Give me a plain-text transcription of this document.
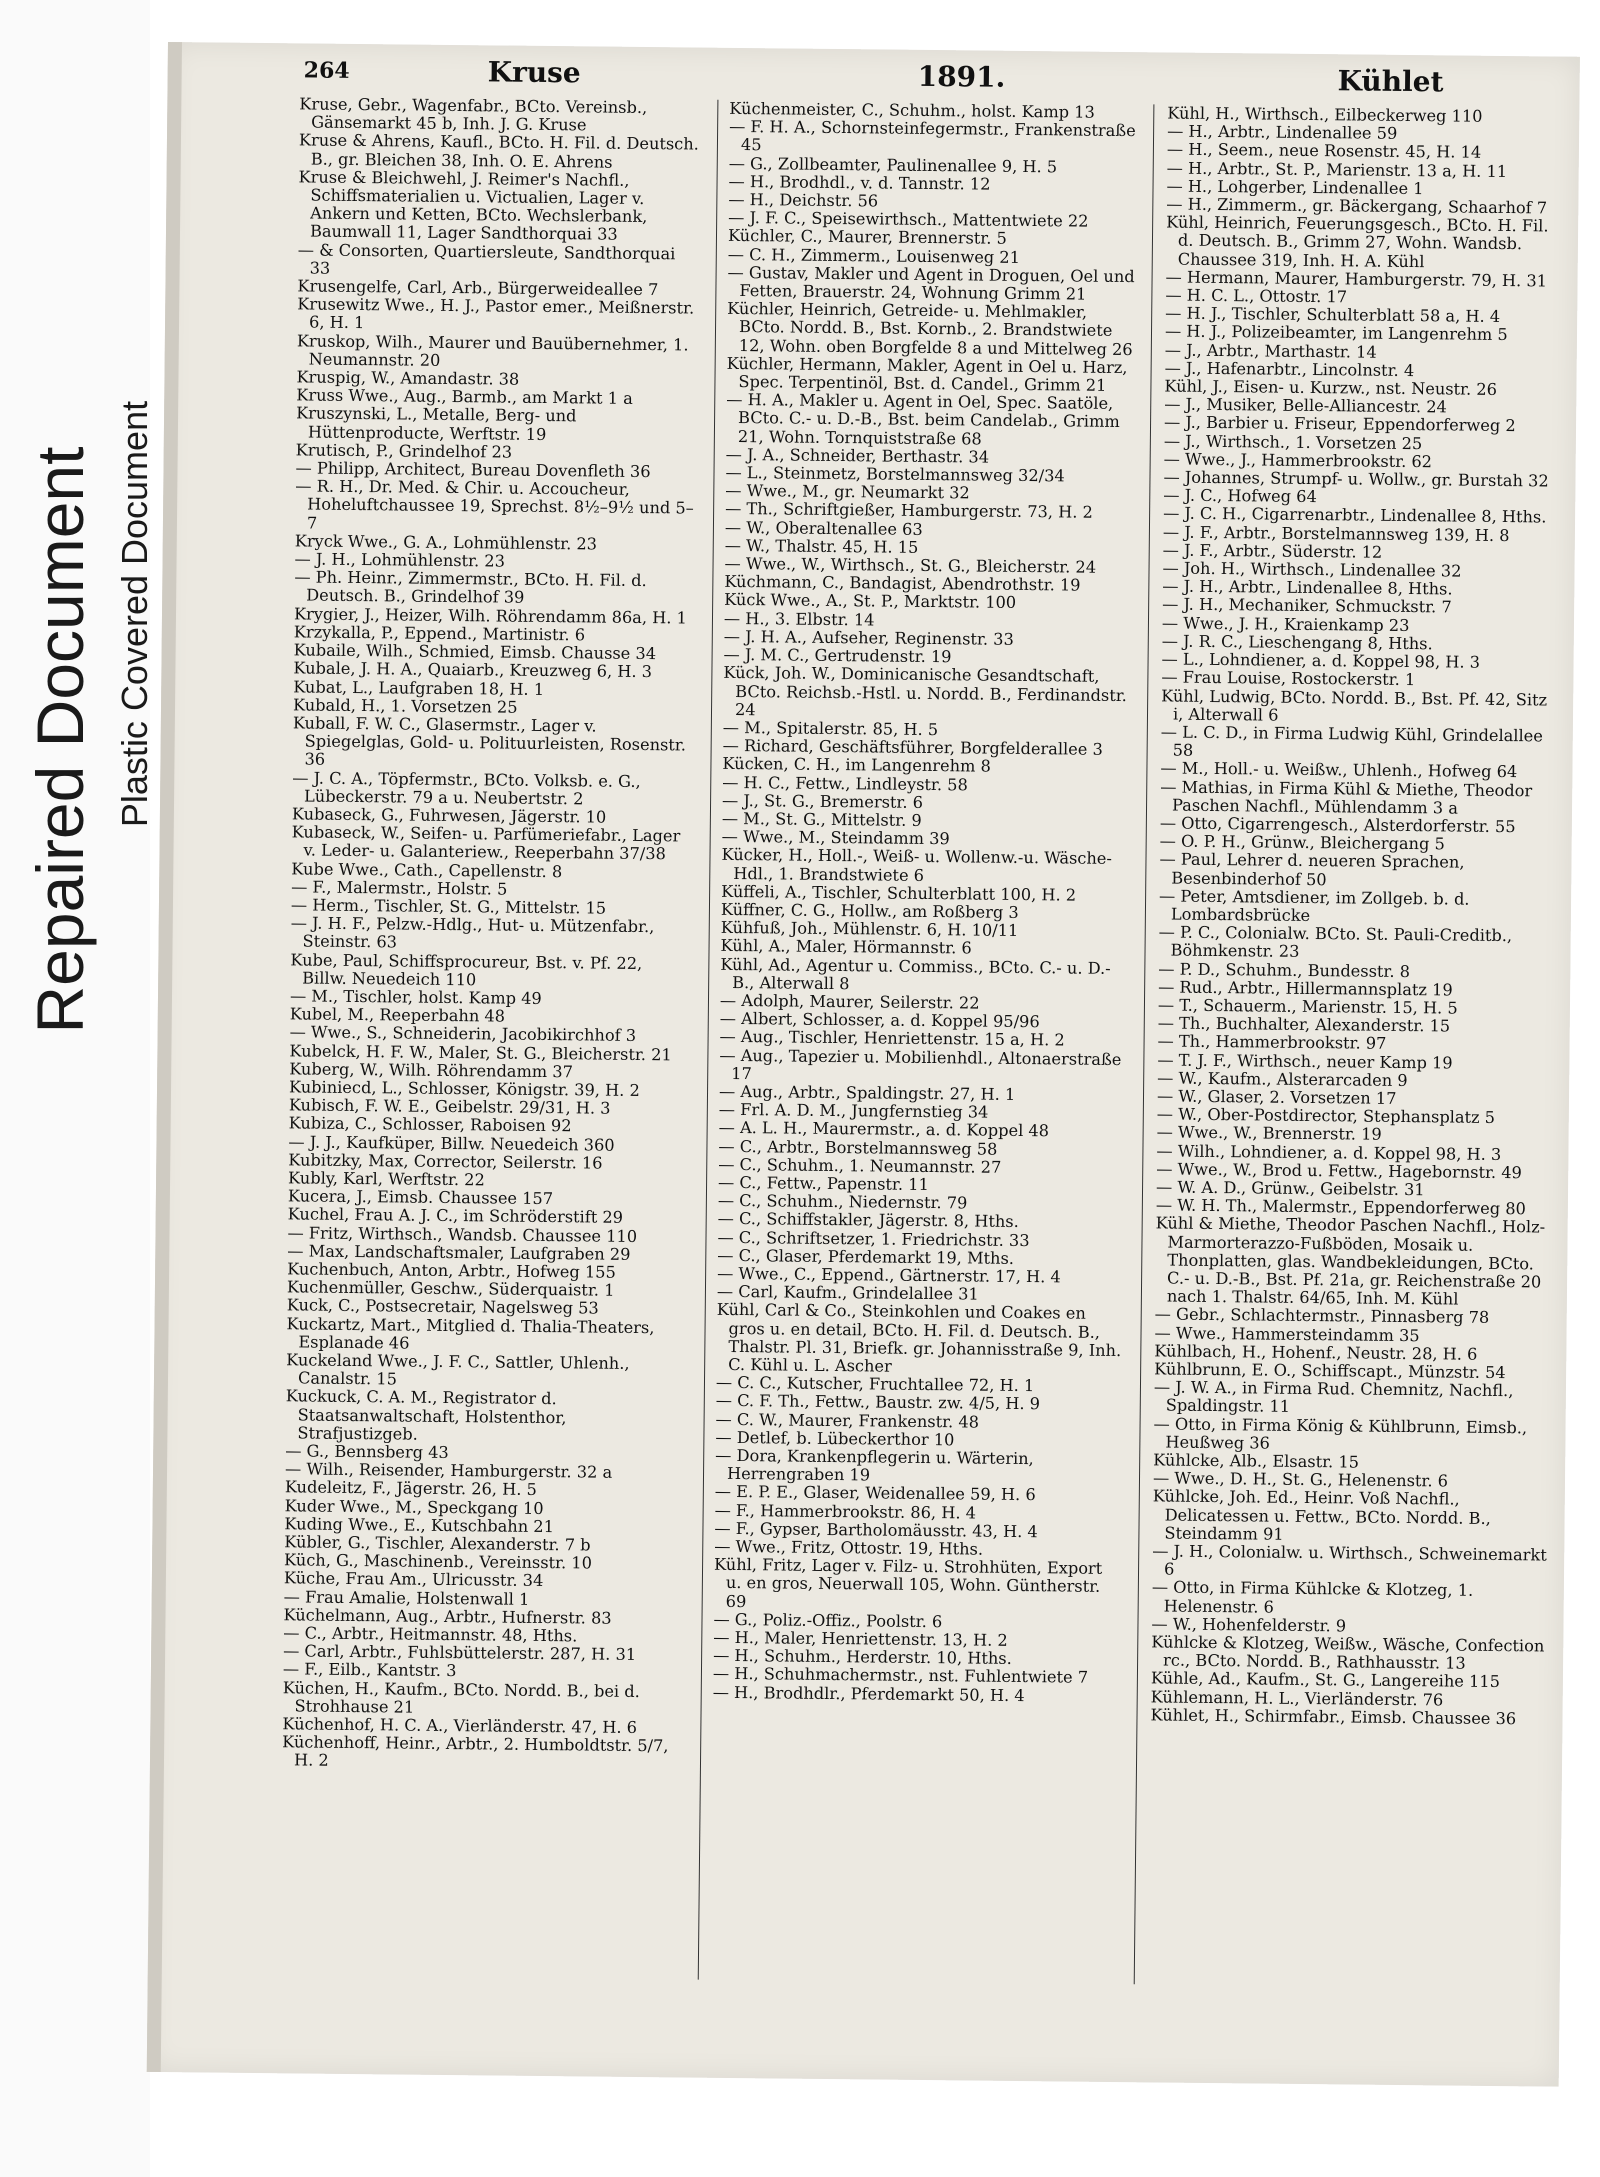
Repaired Document Plastic Covered Document
264	Kruse	1891.	Kühlet

Kruse, Gebr., Wagenfabr., BCto. Vereinsb., Gänsemarkt 45 b, Inh. J. G. Kruse

Kruse & Ahrens, Kaufl., BCto. H. Fil. d. Deutsch. B., gr. Bleichen 38, Inh. O. E. Ahrens

Kruse & Bleichwehl, J. Reimer's Nachfl., Schiffsmaterialien u. Victualien, Lager v. Ankern und Ketten, BCto. Wechslerbank, Baumwall 11, Lager Sandthorquai 33

— & Consorten, Quartiersleute, Sandthorquai 33

Krusengelfe, Carl, Arb., Bürgerweideallee 7

Krusewitz Wwe., H. J., Pastor emer., Meißnerstr. 6, H. 1

Kruskop, Wilh., Maurer und Bauübernehmer, 1. Neumannstr. 20

Kruspig, W., Amandastr. 38

Kruss Wwe., Aug., Barmb., am Markt 1 a

Kruszynski, L., Metalle, Berg- und Hüttenproducte, Werftstr. 19

Krutisch, P., Grindelhof 23

— Philipp, Architect, Bureau Dovenfleth 36

— R. H., Dr. Med. & Chir. u. Accoucheur, Hoheluftchaussee 19, Sprechst. 8½–9½ und 5–7

Kryck Wwe., G. A., Lohmühlenstr. 23

— J. H., Lohmühlenstr. 23

— Ph. Heinr., Zimmermstr., BCto. H. Fil. d. Deutsch. B., Grindelhof 39

Krygier, J., Heizer, Wilh. Röhrendamm 86a, H. 1

Krzykalla, P., Eppend., Martinistr. 6

Kubaile, Wilh., Schmied, Eimsb. Chausse 34

Kubale, J. H. A., Quaiarb., Kreuzweg 6, H. 3

Kubat, L., Laufgraben 18, H. 1

Kubald, H., 1. Vorsetzen 25

Kuball, F. W. C., Glasermstr., Lager v. Spiegelglas, Gold- u. Polituurleisten, Rosenstr. 36

— J. C. A., Töpfermstr., BCto. Volksb. e. G., Lübeckerstr. 79 a u. Neubertstr. 2

Kubaseck, G., Fuhrwesen, Jägerstr. 10

Kubaseck, W., Seifen- u. Parfümeriefabr., Lager v. Leder- u. Galanteriew., Reeperbahn 37/38

Kube Wwe., Cath., Capellenstr. 8

— F., Malermstr., Holstr. 5

— Herm., Tischler, St. G., Mittelstr. 15

— J. H. F., Pelzw.-Hdlg., Hut- u. Mützenfabr., Steinstr. 63

Kube, Paul, Schiffsprocureur, Bst. v. Pf. 22, Billw. Neuedeich 110

— M., Tischler, holst. Kamp 49

Kubel, M., Reeperbahn 48

— Wwe., S., Schneiderin, Jacobikirchhof 3

Kubelck, H. F. W., Maler, St. G., Bleicherstr. 21

Kuberg, W., Wilh. Röhrendamm 37

Kubiniecd, L., Schlosser, Königstr. 39, H. 2

Kubisch, F. W. E., Geibelstr. 29/31, H. 3

Kubiza, C., Schlosser, Raboisen 92

— J. J., Kaufküper, Billw. Neuedeich 360

Kubitzky, Max, Corrector, Seilerstr. 16

Kubly, Karl, Werftstr. 22

Kucera, J., Eimsb. Chaussee 157

Kuchel, Frau A. J. C., im Schröderstift 29

— Fritz, Wirthsch., Wandsb. Chaussee 110

— Max, Landschaftsmaler, Laufgraben 29

Kuchenbuch, Anton, Arbtr., Hofweg 155

Kuchenmüller, Geschw., Süderquaistr. 1

Kuck, C., Postsecretair, Nagelsweg 53

Kuckartz, Mart., Mitglied d. Thalia-Theaters, Esplanade 46

Kuckeland Wwe., J. F. C., Sattler, Uhlenh., Canalstr. 15

Kuckuck, C. A. M., Registrator d. Staatsanwaltschaft, Holstenthor, Strafjustizgeb.

— G., Bennsberg 43

— Wilh., Reisender, Hamburgerstr. 32 a

Kudeleitz, F., Jägerstr. 26, H. 5

Kuder Wwe., M., Speckgang 10

Kuding Wwe., E., Kutschbahn 21

Kübler, G., Tischler, Alexanderstr. 7 b

Küch, G., Maschinenb., Vereinsstr. 10

Küche, Frau Am., Ulricusstr. 34

— Frau Amalie, Holstenwall 1

Küchelmann, Aug., Arbtr., Hufnerstr. 83

— C., Arbtr., Heitmannstr. 48, Hths.

— Carl, Arbtr., Fuhlsbüttelerstr. 287, H. 31

— F., Eilb., Kantstr. 3

Küchen, H., Kaufm., BCto. Nordd. B., bei d. Strohhause 21

Küchenhof, H. C. A., Vierländerstr. 47, H. 6

Küchenhoff, Heinr., Arbtr., 2. Humboldtstr. 5/7, H. 2

Küchenmeister, C., Schuhm., holst. Kamp 13

— F. H. A., Schornsteinfegermstr., Frankenstraße 45

— G., Zollbeamter, Paulinenallee 9, H. 5

— H., Brodhdl., v. d. Tannstr. 12

— H., Deichstr. 56

— J. F. C., Speisewirthsch., Mattentwiete 22

Küchler, C., Maurer, Brennerstr. 5

— C. H., Zimmerm., Louisenweg 21

— Gustav, Makler und Agent in Droguen, Oel und Fetten, Brauerstr. 24, Wohnung Grimm 21

Küchler, Heinrich, Getreide- u. Mehlmakler, BCto. Nordd. B., Bst. Kornb., 2. Brandstwiete 12, Wohn. oben Borgfelde 8 a und Mittelweg 26

Küchler, Hermann, Makler, Agent in Oel u. Harz, Spec. Terpentinöl, Bst. d. Candel., Grimm 21

— H. A., Makler u. Agent in Oel, Spec. Saatöle, BCto. C.- u. D.-B., Bst. beim Candelab., Grimm 21, Wohn. Tornquiststraße 68

— J. A., Schneider, Berthastr. 34

— L., Steinmetz, Borstelmannsweg 32/34

— Wwe., M., gr. Neumarkt 32

— Th., Schriftgießer, Hamburgerstr. 73, H. 2

— W., Oberaltenallee 63

— W., Thalstr. 45, H. 15

— Wwe., W., Wirthsch., St. G., Bleicherstr. 24

Küchmann, C., Bandagist, Abendrothstr. 19

Kück Wwe., A., St. P., Marktstr. 100

— H., 3. Elbstr. 14

— J. H. A., Aufseher, Reginenstr. 33

— J. M. C., Gertrudenstr. 19

Kück, Joh. W., Dominicanische Gesandtschaft, BCto. Reichsb.-Hstl. u. Nordd. B., Ferdinandstr. 24

— M., Spitalerstr. 85, H. 5

— Richard, Geschäftsführer, Borgfelderallee 3

Kücken, C. H., im Langenrehm 8

— H. C., Fettw., Lindleystr. 58

— J., St. G., Bremerstr. 6

— M., St. G., Mittelstr. 9

— Wwe., M., Steindamm 39

Kücker, H., Holl.-, Weiß- u. Wollenw.-u. Wäsche-Hdl., 1. Brandstwiete 6

Küffeli, A., Tischler, Schulterblatt 100, H. 2

Küffner, C. G., Hollw., am Roßberg 3

Kühfuß, Joh., Mühlenstr. 6, H. 10/11

Kühl, A., Maler, Hörmannstr. 6

Kühl, Ad., Agentur u. Commiss., BCto. C.- u. D.-B., Alterwall 8

— Adolph, Maurer, Seilerstr. 22

— Albert, Schlosser, a. d. Koppel 95/96

— Aug., Tischler, Henriettenstr. 15 a, H. 2

— Aug., Tapezier u. Mobilienhdl., Altonaerstraße 17

— Aug., Arbtr., Spaldingstr. 27, H. 1

— Frl. A. D. M., Jungfernstieg 34

— A. L. H., Maurermstr., a. d. Koppel 48

— C., Arbtr., Borstelmannsweg 58

— C., Schuhm., 1. Neumannstr. 27

— C., Fettw., Papenstr. 11

— C., Schuhm., Niedernstr. 79

— C., Schiffstakler, Jägerstr. 8, Hths.

— C., Schriftsetzer, 1. Friedrichstr. 33

— C., Glaser, Pferdemarkt 19, Mths.

— Wwe., C., Eppend., Gärtnerstr. 17, H. 4

— Carl, Kaufm., Grindelallee 31

Kühl, Carl & Co., Steinkohlen und Coakes en gros u. en detail, BCto. H. Fil. d. Deutsch. B., Thalstr. Pl. 31, Briefk. gr. Johannisstraße 9, Inh. C. Kühl u. L. Ascher

— C. C., Kutscher, Fruchtallee 72, H. 1

— C. F. Th., Fettw., Baustr. zw. 4/5, H. 9

— C. W., Maurer, Frankenstr. 48

— Detlef, b. Lübeckerthor 10

— Dora, Krankenpflegerin u. Wärterin, Herrengraben 19

— E. P. E., Glaser, Weidenallee 59, H. 6

— F., Hammerbrookstr. 86, H. 4

— F., Gypser, Bartholomäusstr. 43, H. 4

— Wwe., Fritz, Ottostr. 19, Hths.

Kühl, Fritz, Lager v. Filz- u. Strohhüten, Export u. en gros, Neuerwall 105, Wohn. Güntherstr. 69

— G., Poliz.-Offiz., Poolstr. 6

— H., Maler, Henriettenstr. 13, H. 2

— H., Schuhm., Herderstr. 10, Hths.

— H., Schuhmachermstr., nst. Fuhlentwiete 7

— H., Brodhdlr., Pferdemarkt 50, H. 4

Kühl, H., Wirthsch., Eilbeckerweg 110

— H., Arbtr., Lindenallee 59

— H., Seem., neue Rosenstr. 45, H. 14

— H., Arbtr., St. P., Marienstr. 13 a, H. 11

— H., Lohgerber, Lindenallee 1

— H., Zimmerm., gr. Bäckergang, Schaarhof 7

Kühl, Heinrich, Feuerungsgesch., BCto. H. Fil. d. Deutsch. B., Grimm 27, Wohn. Wandsb. Chaussee 319, Inh. H. A. Kühl

— Hermann, Maurer, Hamburgerstr. 79, H. 31

— H. C. L., Ottostr. 17

— H. J., Tischler, Schulterblatt 58 a, H. 4

— H. J., Polizeibeamter, im Langenrehm 5

— J., Arbtr., Marthastr. 14

— J., Hafenarbtr., Lincolnstr. 4

Kühl, J., Eisen- u. Kurzw., nst. Neustr. 26

— J., Musiker, Belle-Alliancestr. 24

— J., Barbier u. Friseur, Eppendorferweg 2

— J., Wirthsch., 1. Vorsetzen 25

— Wwe., J., Hammerbrookstr. 62

— Johannes, Strumpf- u. Wollw., gr. Burstah 32

— J. C., Hofweg 64

— J. C. H., Cigarrenarbtr., Lindenallee 8, Hths.

— J. F., Arbtr., Borstelmannsweg 139, H. 8

— J. F., Arbtr., Süderstr. 12

— Joh. H., Wirthsch., Lindenallee 32

— J. H., Arbtr., Lindenallee 8, Hths.

— J. H., Mechaniker, Schmuckstr. 7

— Wwe., J. H., Kraienkamp 23

— J. R. C., Lieschengang 8, Hths.

— L., Lohndiener, a. d. Koppel 98, H. 3

— Frau Louise, Rostockerstr. 1

Kühl, Ludwig, BCto. Nordd. B., Bst. Pf. 42, Sitz i, Alterwall 6

— L. C. D., in Firma Ludwig Kühl, Grindelallee 58

— M., Holl.- u. Weißw., Uhlenh., Hofweg 64

— Mathias, in Firma Kühl & Miethe, Theodor Paschen Nachfl., Mühlendamm 3 a

— Otto, Cigarrengesch., Alsterdorferstr. 55

— O. P. H., Grünw., Bleichergang 5

— Paul, Lehrer d. neueren Sprachen, Besenbinderhof 50

— Peter, Amtsdiener, im Zollgeb. b. d. Lombardsbrücke

— P. C., Colonialw. BCto. St. Pauli-Creditb., Böhmkenstr. 23

— P. D., Schuhm., Bundesstr. 8

— Rud., Arbtr., Hillermannsplatz 19

— T., Schauerm., Marienstr. 15, H. 5

— Th., Buchhalter, Alexanderstr. 15

— Th., Hammerbrookstr. 97

— T. J. F., Wirthsch., neuer Kamp 19

— W., Kaufm., Alsterarcaden 9

— W., Glaser, 2. Vorsetzen 17

— W., Ober-Postdirector, Stephansplatz 5

— Wwe., W., Brennerstr. 19

— Wilh., Lohndiener, a. d. Koppel 98, H. 3

— Wwe., W., Brod u. Fettw., Hagebornstr. 49

— W. A. D., Grünw., Geibelstr. 31

— W. H. Th., Malermstr., Eppendorferweg 80

Kühl & Miethe, Theodor Paschen Nachfl., Holz-Marmorterazzo-Fußböden, Mosaik u. Thonplatten, glas. Wandbekleidungen, BCto. C.- u. D.-B., Bst. Pf. 21a, gr. Reichenstraße 20 nach 1. Thalstr. 64/65, Inh. M. Kühl

— Gebr., Schlachtermstr., Pinnasberg 78

— Wwe., Hammersteindamm 35

Kühlbach, H., Hohenf., Neustr. 28, H. 6

Kühlbrunn, E. O., Schiffscapt., Münzstr. 54

— J. W. A., in Firma Rud. Chemnitz, Nachfl., Spaldingstr. 11

— Otto, in Firma König & Kühlbrunn, Eimsb., Heußweg 36

Kühlcke, Alb., Elsastr. 15

— Wwe., D. H., St. G., Helenenstr. 6

Kühlcke, Joh. Ed., Heinr. Voß Nachfl., Delicatessen u. Fettw., BCto. Nordd. B., Steindamm 91

— J. H., Colonialw. u. Wirthsch., Schweinemarkt 6

— Otto, in Firma Kühlcke & Klotzeg, 1. Helenenstr. 6

— W., Hohenfelderstr. 9

Kühlcke & Klotzeg, Weißw., Wäsche, Confection rc., BCto. Nordd. B., Rathhausstr. 13

Kühle, Ad., Kaufm., St. G., Langereihe 115

Kühlemann, H. L., Vierländerstr. 76

Kühlet, H., Schirmfabr., Eimsb. Chaussee 36
